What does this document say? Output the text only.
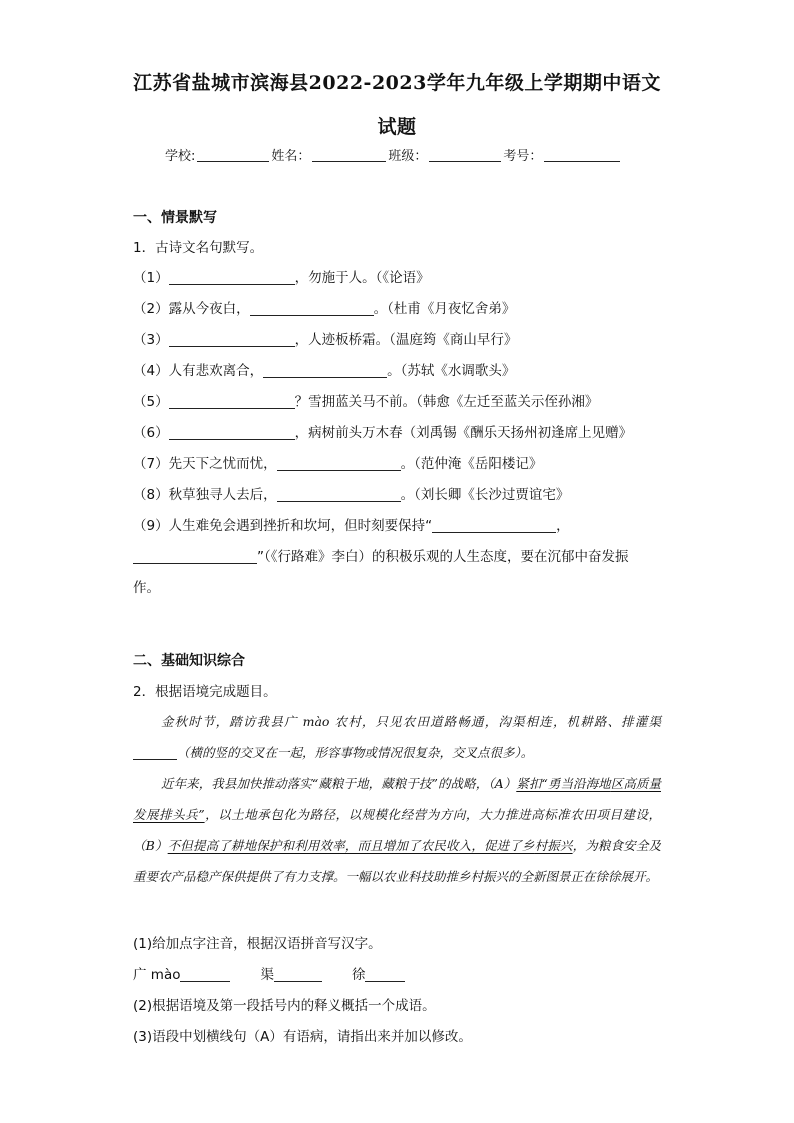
江苏省盐城市滨海县2022-2023学年九年级上学期期中语文
试题
学校:	姓名：	班级：	考号：
一、情景默写
1．古诗文名句默写。
（1）	，勿施于人。（《论语》
（2）露从今夜白，	。（杜甫《月夜忆舍弟》
（3）	，人迹板桥霜。（温庭筠《商山早行》
（4）人有悲欢离合，	。（苏轼《水调歌头》
（5）	？雪拥蓝关马不前。（韩愈《左迁至蓝关示侄孙湘》
（6）	，病树前头万木春（刘禹锡《酬乐天扬州初逢席上见赠》
（7）先天下之忧而忧，	。（范仲淹《岳阳楼记》
（8）秋草独寻人去后，	。（刘长卿《长沙过贾谊宅》
（9）人生难免会遇到挫折和坎坷，但时刻要保持“	，
”（《行路难》李白）的积极乐观的人生态度，要在沉郁中奋发振
作。
二、基础知识综合
2．根据语境完成题目。
金秋时节，踏访我县广 mào 农村，只见农田道路畅通，沟渠相连，机耕路、排灌渠（横的竖的交叉在一起，形容事物或情况很复杂，交叉点很多）。
近年来，我县加快推动落实“藏粮于地，藏粮于技”的战略，（A）紧扣“勇当沿海地区高质量发展排头兵”，以土地承包化为路径，以规模化经营为方向，大力推进高标准农田项目建设，（B）不但提高了耕地保护和利用效率，而且增加了农民收入，促进了乡村振兴，为粮食安全及重要农产品稳产保供提供了有力支撑。一幅以农业科技助推乡村振兴的全新图景正在徐徐展开。
(1)给加点字注音，根据汉语拼音写汉字。
广 mào	渠	徐
(2)根据语境及第一段括号内的释义概括一个成语。
(3)语段中划横线句（A）有语病，请指出来并加以修改。
